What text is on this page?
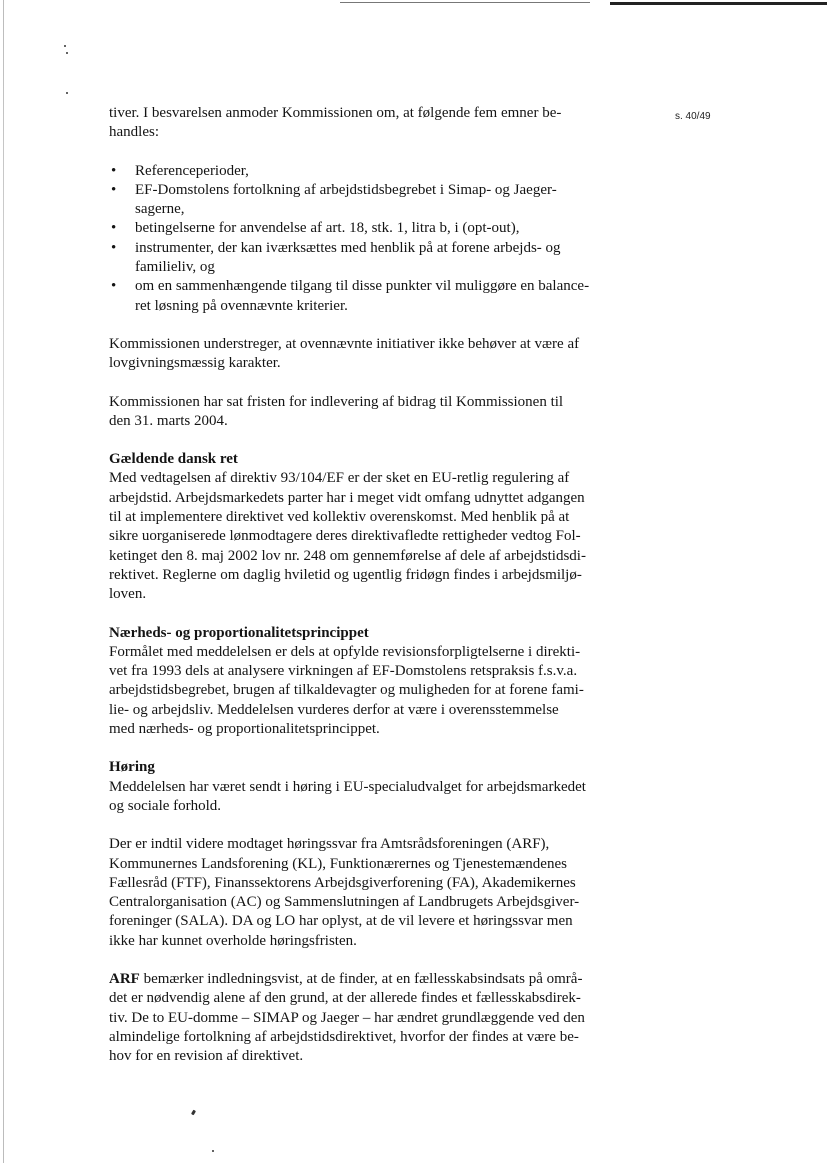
s. 40/49

tiver. I besvarelsen anmoder Kommissionen om, at følgende fem emner be-
handles:

• Referenceperioder,
• EF-Domstolens fortolkning af arbejdstidsbegrebet i Simap- og Jaeger-
sagerne,
• betingelserne for anvendelse af art. 18, stk. 1, litra b, i (opt-out),
• instrumenter, der kan iværksættes med henblik på at forene arbejds- og
familieliv, og
• om en sammenhængende tilgang til disse punkter vil muliggøre en balance-
ret løsning på ovennævnte kriterier.

Kommissionen understreger, at ovennævnte initiativer ikke behøver at være af
lovgivningsmæssig karakter.

Kommissionen har sat fristen for indlevering af bidrag til Kommissionen til
den 31. marts 2004.

Gældende dansk ret
Med vedtagelsen af direktiv 93/104/EF er der sket en EU-retlig regulering af
arbejdstid. Arbejdsmarkedets parter har i meget vidt omfang udnyttet adgangen
til at implementere direktivet ved kollektiv overenskomst. Med henblik på at
sikre uorganiserede lønmodtagere deres direktivafledte rettigheder vedtog Fol-
ketinget den 8. maj 2002 lov nr. 248 om gennemførelse af dele af arbejdstidsdi-
rektivet. Reglerne om daglig hviletid og ugentlig fridøgn findes i arbejdsmiljø-
loven.

Nærheds- og proportionalitetsprincippet
Formålet med meddelelsen er dels at opfylde revisionsforpligtelserne i direkti-
vet fra 1993 dels at analysere virkningen af EF-Domstolens retspraksis f.s.v.a.
arbejdstidsbegrebet, brugen af tilkaldevagter og muligheden for at forene fami-
lie- og arbejdsliv. Meddelelsen vurderes derfor at være i overensstemmelse
med nærheds- og proportionalitetsprincippet.

Høring
Meddelelsen har været sendt i høring i EU-specialudvalget for arbejdsmarkedet
og sociale forhold.

Der er indtil videre modtaget høringssvar fra Amtsrådsforeningen (ARF),
Kommunernes Landsforening (KL), Funktionærernes og Tjenestemændenes
Fællesråd (FTF), Finanssektorens Arbejdsgiverforening (FA), Akademikernes
Centralorganisation (AC) og Sammenslutningen af Landbrugets Arbejdsgiver-
foreninger (SALA). DA og LO har oplyst, at de vil levere et høringssvar men
ikke har kunnet overholde høringsfristen.

ARF bemærker indledningsvist, at de finder, at en fællesskabsindsats på områ-
det er nødvendig alene af den grund, at der allerede findes et fællesskabsdirek-
tiv. De to EU-domme – SIMAP og Jaeger – har ændret grundlæggende ved den
almindelige fortolkning af arbejdstidsdirektivet, hvorfor der findes at være be-
hov for en revision af direktivet.
